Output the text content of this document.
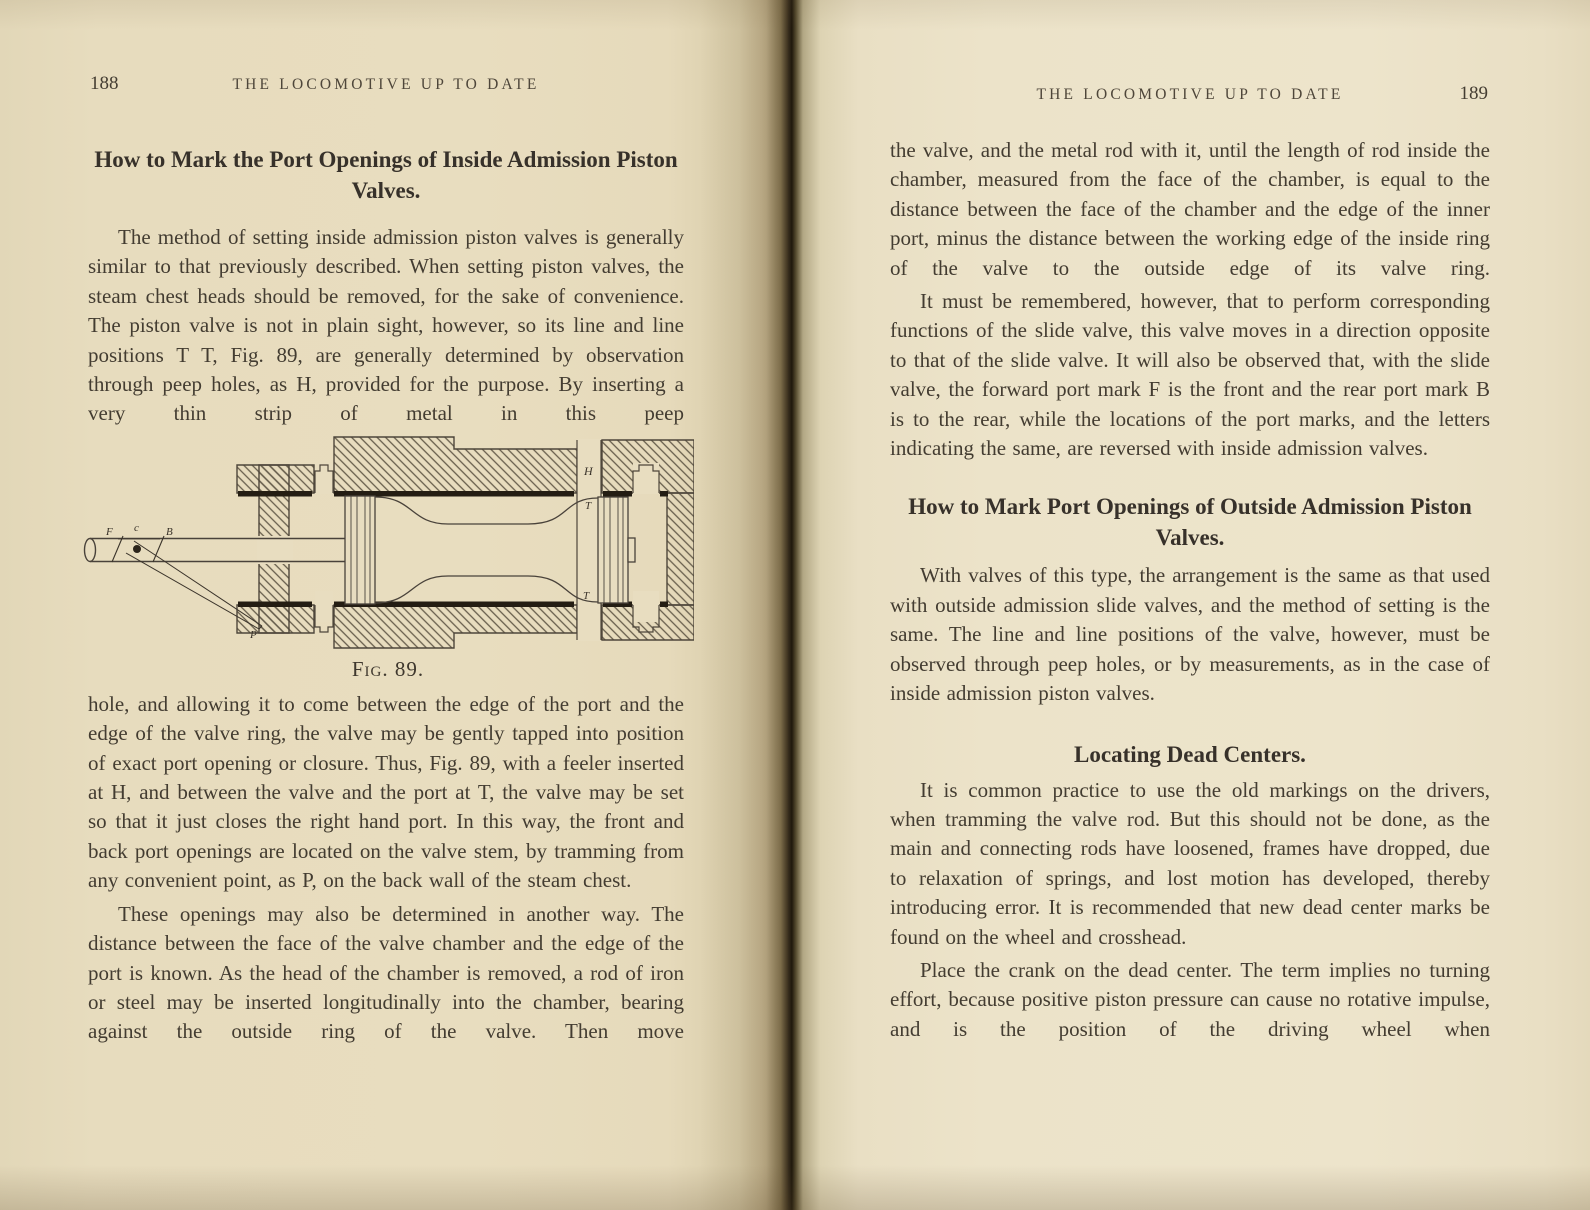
188	THE LOCOMOTIVE UP TO DATE
How to Mark the Port Openings of Inside Admission Piston Valves.

The method of setting inside admission piston valves is generally similar to that previously described. When setting piston valves, the steam chest heads should be removed, for the sake of convenience. The piston valve is not in plain sight, however, so its line and line positions T T, Fig. 89, are generally determined by observation through peep holes, as H, provided for the purpose. By inserting a very thin strip of metal in this peep

F c B
P
H
T
T
Fig. 89.

hole, and allowing it to come between the edge of the port and the edge of the valve ring, the valve may be gently tapped into position of exact port opening or closure. Thus, Fig. 89, with a feeler inserted at H, and between the valve and the port at T, the valve may be set so that it just closes the right hand port. In this way, the front and back port openings are located on the valve stem, by tramming from any convenient point, as P, on the back wall of the steam chest.

These openings may also be determined in another way. The distance between the face of the valve chamber and the edge of the port is known. As the head of the chamber is removed, a rod of iron or steel may be inserted longitudinally into the chamber, bearing against the outside ring of the valve. Then move

THE LOCOMOTIVE UP TO DATE	189

the valve, and the metal rod with it, until the length of rod inside the chamber, measured from the face of the chamber, is equal to the distance between the face of the chamber and the edge of the inner port, minus the distance between the working edge of the inside ring of the valve to the outside edge of its valve ring.

It must be remembered, however, that to perform corresponding functions of the slide valve, this valve moves in a direction opposite to that of the slide valve. It will also be observed that, with the slide valve, the forward port mark F is the front and the rear port mark B is to the rear, while the locations of the port marks, and the letters indicating the same, are reversed with inside admission valves.

How to Mark Port Openings of Outside Admission Piston Valves.

With valves of this type, the arrangement is the same as that used with outside admission slide valves, and the method of setting is the same. The line and line positions of the valve, however, must be observed through peep holes, or by measurements, as in the case of inside admission piston valves.

Locating Dead Centers.

It is common practice to use the old markings on the drivers, when tramming the valve rod. But this should not be done, as the main and connecting rods have loosened, frames have dropped, due to relaxation of springs, and lost motion has developed, thereby introducing error. It is recommended that new dead center marks be found on the wheel and crosshead.

Place the crank on the dead center. The term implies no turning effort, because positive piston pressure can cause no rotative impulse, and is the position of the driving wheel when
